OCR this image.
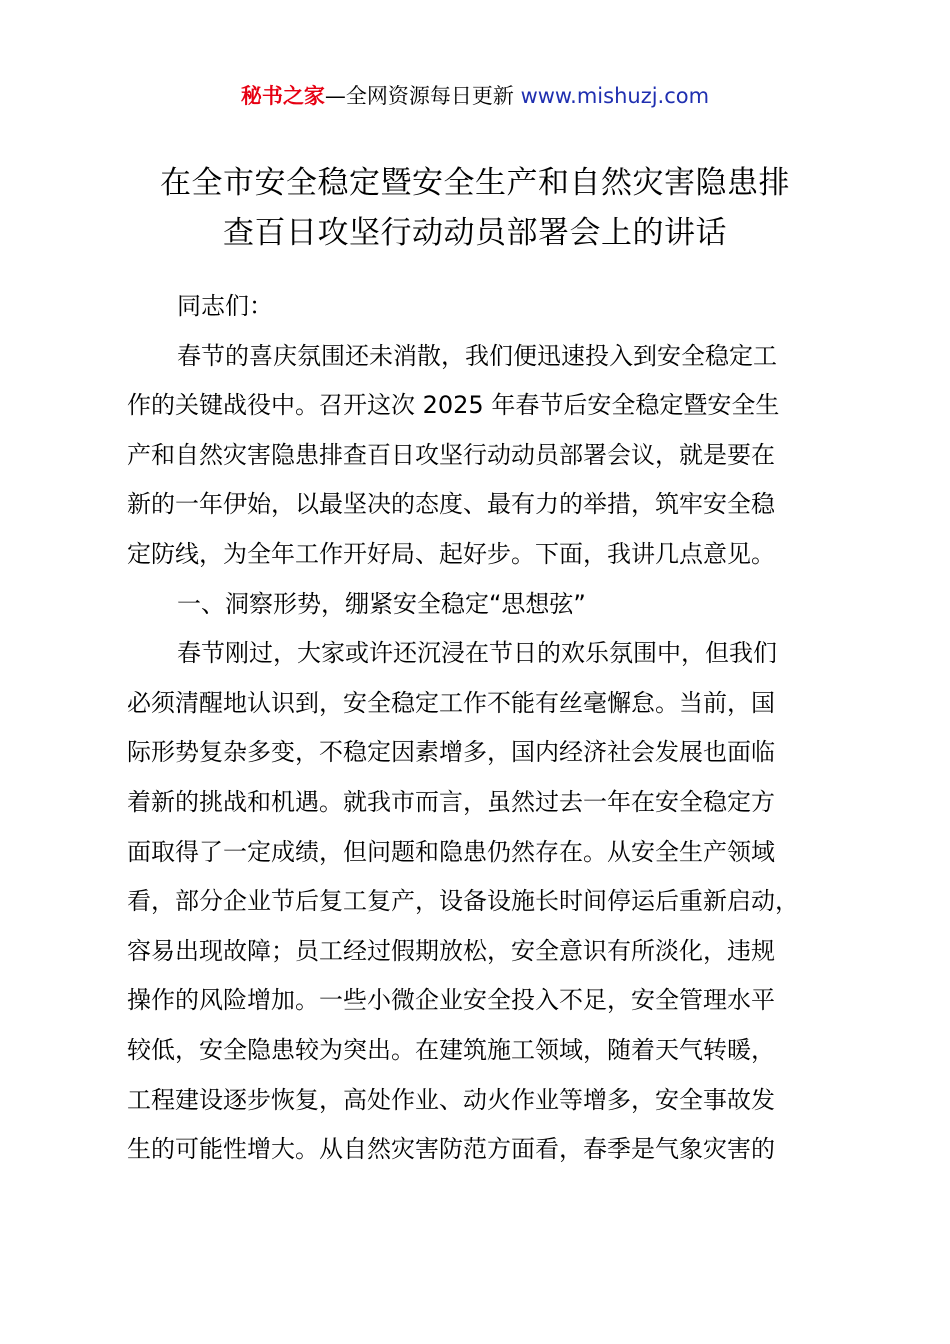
秘书之家—全网资源每日更新 www.mishuzj.com
在全市安全稳定暨安全生产和自然灾害隐患排
查百日攻坚行动动员部署会上的讲话
同志们：
春节的喜庆氛围还未消散，我们便迅速投入到安全稳定工
作的关键战役中。召开这次 2025 年春节后安全稳定暨安全生
产和自然灾害隐患排查百日攻坚行动动员部署会议，就是要在
新的一年伊始，以最坚决的态度、最有力的举措，筑牢安全稳
定防线，为全年工作开好局、起好步。下面，我讲几点意见。
一、洞察形势，绷紧安全稳定“思想弦”
春节刚过，大家或许还沉浸在节日的欢乐氛围中，但我们
必须清醒地认识到，安全稳定工作不能有丝毫懈怠。当前，国
际形势复杂多变，不稳定因素增多，国内经济社会发展也面临
着新的挑战和机遇。就我市而言，虽然过去一年在安全稳定方
面取得了一定成绩，但问题和隐患仍然存在。从安全生产领域
看，部分企业节后复工复产，设备设施长时间停运后重新启动，
容易出现故障；员工经过假期放松，安全意识有所淡化，违规
操作的风险增加。一些小微企业安全投入不足，安全管理水平
较低，安全隐患较为突出。在建筑施工领域，随着天气转暖，
工程建设逐步恢复，高处作业、动火作业等增多，安全事故发
生的可能性增大。从自然灾害防范方面看，春季是气象灾害的
